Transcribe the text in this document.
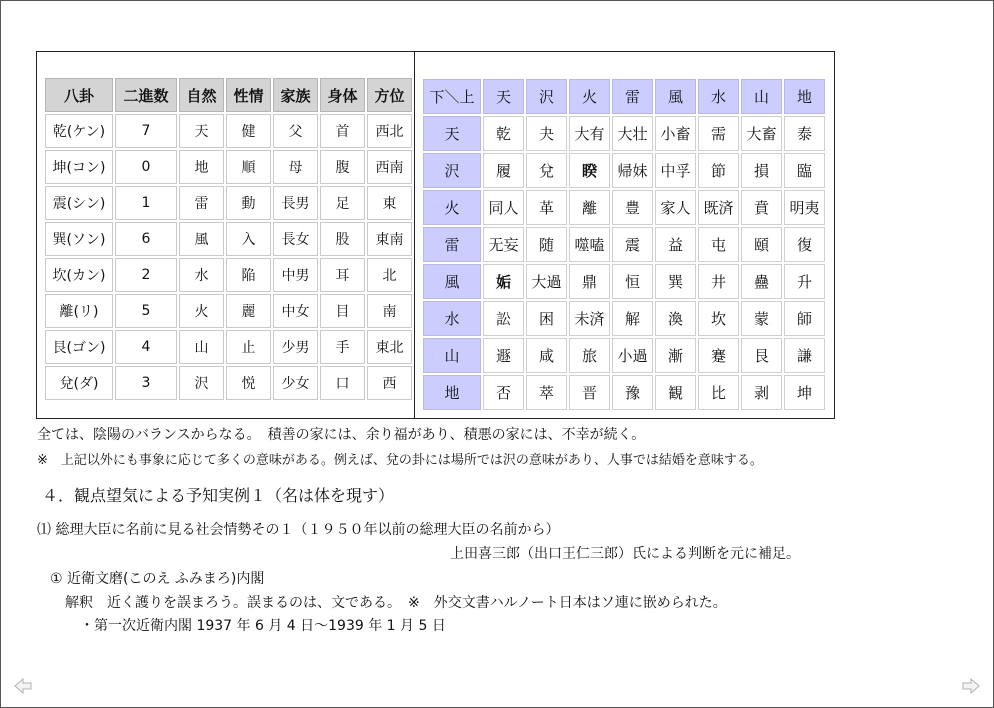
八卦	二進数	自然	性情	家族	身体	方位
乾(ケン)	7	天	健	父	首	西北
坤(コン)	0	地	順	母	腹	西南
震(シン)	1	雷	動	長男	足	東
巽(ソン)	6	風	入	長女	股	東南
坎(カン)	2	水	陥	中男	耳	北
離(リ)	5	火	麗	中女	目	南
艮(ゴン)	4	山	止	少男	手	東北
兌(ダ)	3	沢	悦	少女	口	西
下＼上	天	沢	火	雷	風	水	山	地
天	乾	夬	大有	大壮	小畜	需	大畜	泰
沢	履	兌	睽	帰妹	中孚	節	損	臨
火	同人	革	離	豊	家人	既済	賁	明夷
雷	无妄	随	噬嗑	震	益	屯	頤	復
風	姤	大過	鼎	恒	巽	井	蠱	升
水	訟	困	未済	解	渙	坎	蒙	師
山	遯	咸	旅	小過	漸	蹇	艮	謙
地	否	萃	晋	豫	観	比	剥	坤
全ては、陰陽のバランスからなる。　積善の家には、余り福があり、積悪の家には、不幸が続く。
※　上記以外にも事象に応じて多くの意味がある。例えば、兌の卦には場所では沢の意味があり、人事では結婚を意味する。
４．観点望気による予知実例１（名は体を現す）
⑴ 総理大臣に名前に見る社会情勢その１（１９５０年以前の総理大臣の名前から）
上田喜三郎（出口王仁三郎）氏による判断を元に補足。
① 近衛文磨(このえ ふみまろ)内閣
解釈　近く護りを誤まろう。誤まるのは、文である。　※　外交文書ハルノート日本はソ連に嵌められた。
・第一次近衛内閣 1937 年 6 月 4 日～1939 年 1 月 5 日
